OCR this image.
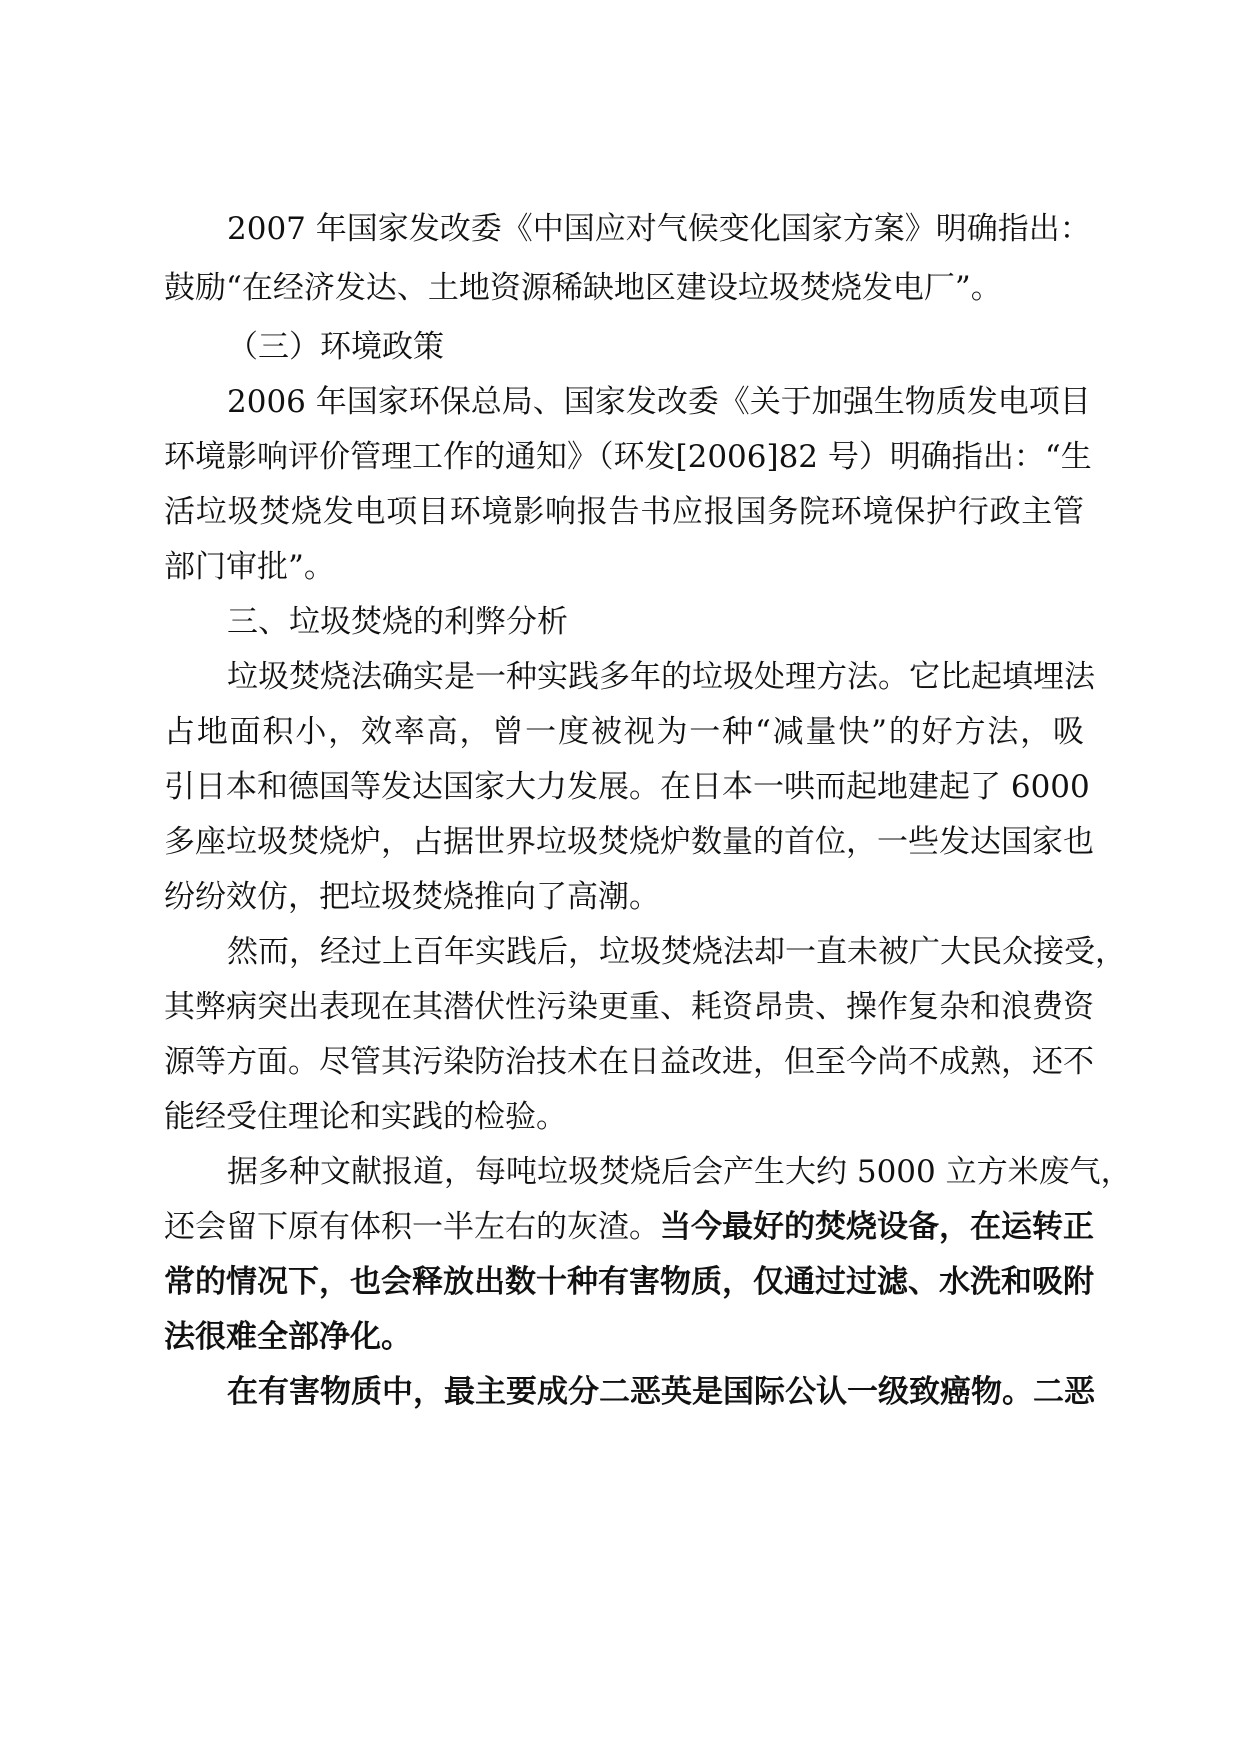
2007 年国家发改委《中国应对气候变化国家方案》明确指出：
鼓励“在经济发达、土地资源稀缺地区建设垃圾焚烧发电厂”。
（三）环境政策
2006 年国家环保总局、国家发改委《关于加强生物质发电项目
环境影响评价管理工作的通知》（环发[2006]82 号）明确指出：“生
活垃圾焚烧发电项目环境影响报告书应报国务院环境保护行政主管
部门审批”。
三、垃圾焚烧的利弊分析
垃圾焚烧法确实是一种实践多年的垃圾处理方法。它比起填埋法
占地面积小，效率高，曾一度被视为一种“减量快”的好方法，吸
引日本和德国等发达国家大力发展。在日本一哄而起地建起了 6000
多座垃圾焚烧炉，占据世界垃圾焚烧炉数量的首位，一些发达国家也
纷纷效仿，把垃圾焚烧推向了高潮。
然而，经过上百年实践后，垃圾焚烧法却一直未被广大民众接受，
其弊病突出表现在其潜伏性污染更重、耗资昂贵、操作复杂和浪费资
源等方面。尽管其污染防治技术在日益改进，但至今尚不成熟，还不
能经受住理论和实践的检验。
据多种文献报道，每吨垃圾焚烧后会产生大约 5000 立方米废气，
还会留下原有体积一半左右的灰渣。当今最好的焚烧设备，在运转正
常的情况下，也会释放出数十种有害物质，仅通过过滤、水洗和吸附
法很难全部净化。
在有害物质中，最主要成分二恶英是国际公认一级致癌物。二恶
